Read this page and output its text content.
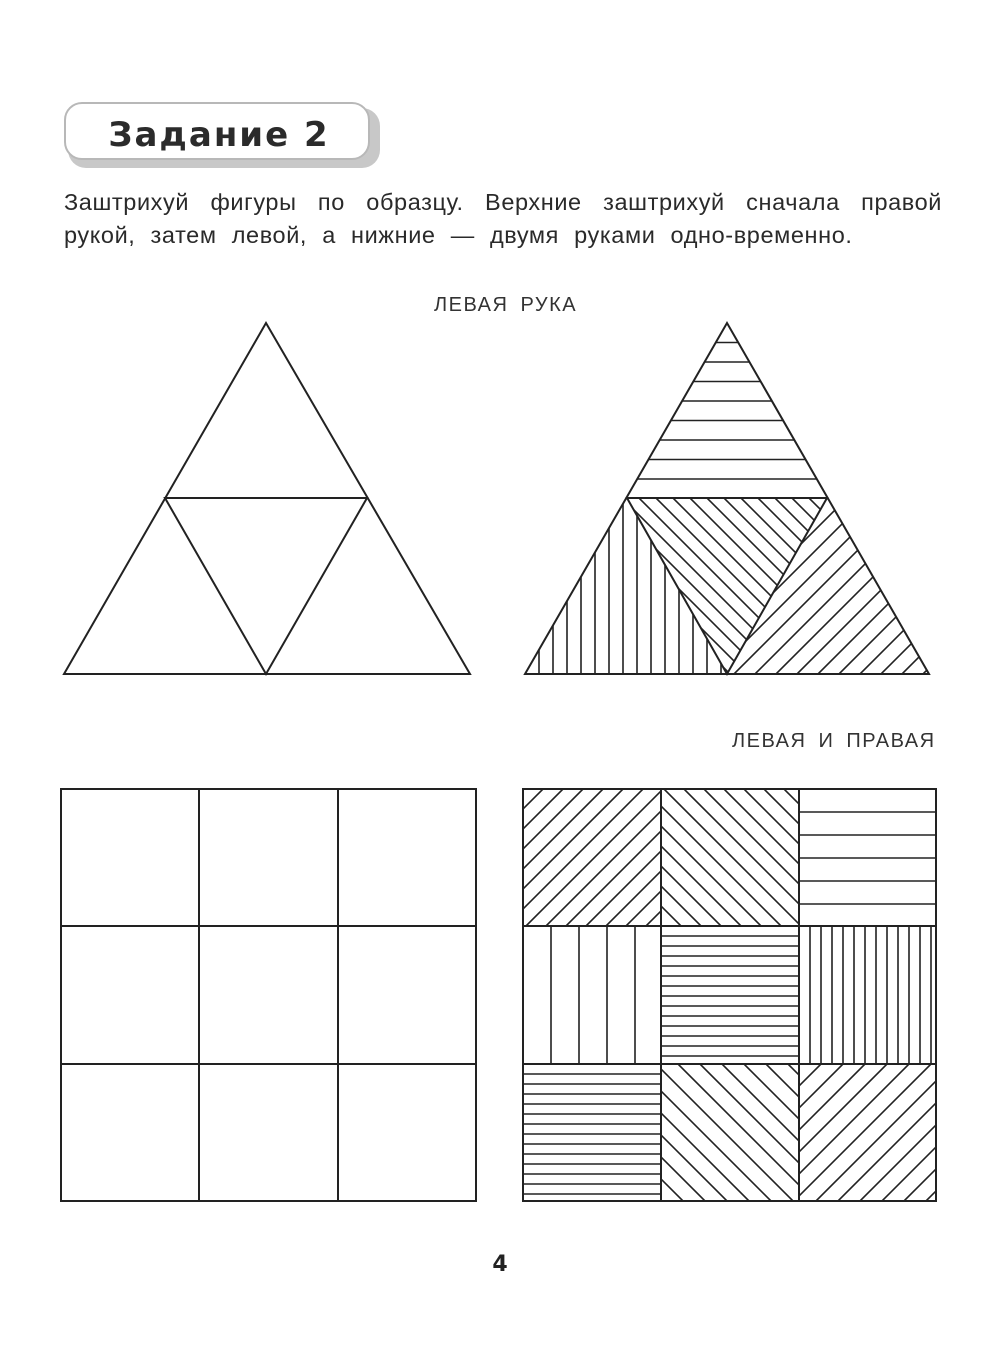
Задание 2

Заштрихуй фигуры по образцу. Верхние заштрихуй сначала правой рукой, затем левой, а нижние — двумя руками одно-временно.

ЛЕВАЯ РУКА
ЛЕВАЯ И ПРАВАЯ
4
